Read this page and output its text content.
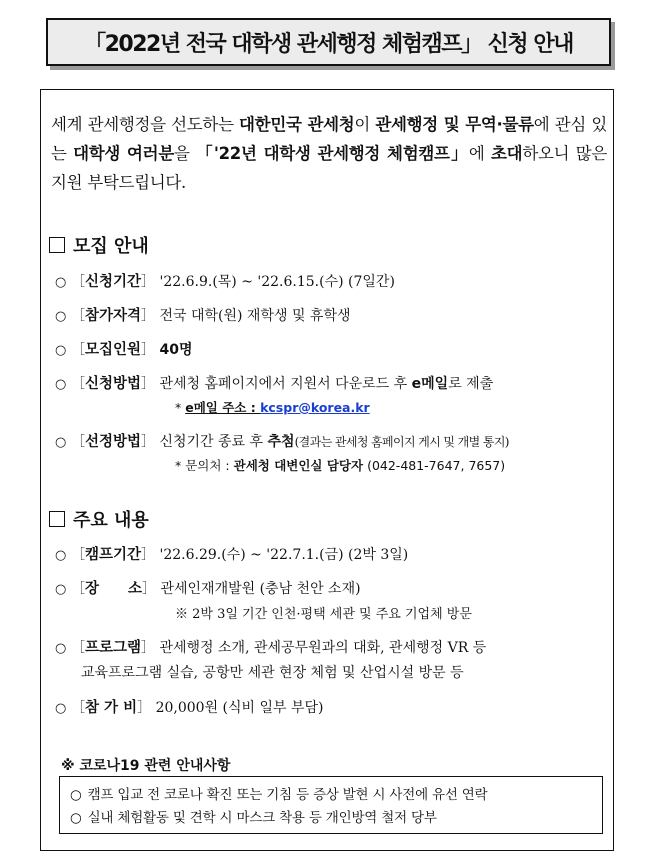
「2022년 전국 대학생 관세행정 체험캠프」 신청 안내
세계 관세행정을 선도하는 대한민국 관세청이 관세행정 및 무역·물류에 관심 있는 대학생 여러분을 「'22년 대학생 관세행정 체험캠프」에 초대하오니 많은 지원 부탁드립니다.
모집 안내
○ ［신청기간］ '22.6.9.(목) ~ '22.6.15.(수) (7일간)
○ ［참가자격］ 전국 대학(원) 재학생 및 휴학생
○ ［모집인원］ 40명
○ ［신청방법］ 관세청 홈페이지에서 지원서 다운로드 후 e메일로 제출
* e메일 주소 : kcspr@korea.kr
○ ［선정방법］ 신청기간 종료 후 추첨(결과는 관세청 홈페이지 게시 및 개별 통지)
* 문의처 : 관세청 대변인실 담당자 (042-481-7647, 7657)
주요 내용
○ ［캠프기간］ '22.6.29.(수) ~ '22.7.1.(금) (2박 3일)
○ ［장　　소］ 관세인재개발원 (충남 천안 소재)
※ 2박 3일 기간 인천·평택 세관 및 주요 기업체 방문
○ ［프로그램］ 관세행정 소개, 관세공무원과의 대화, 관세행정 VR 등
교육프로그램 실습, 공항만 세관 현장 체험 및 산업시설 방문 등
○ ［참 가 비］ 20,000원 (식비 일부 부담)
※ 코로나19 관련 안내사항
○ 캠프 입교 전 코로나 확진 또는 기침 등 증상 발현 시 사전에 유선 연락
○ 실내 체험활동 및 견학 시 마스크 착용 등 개인방역 철저 당부
